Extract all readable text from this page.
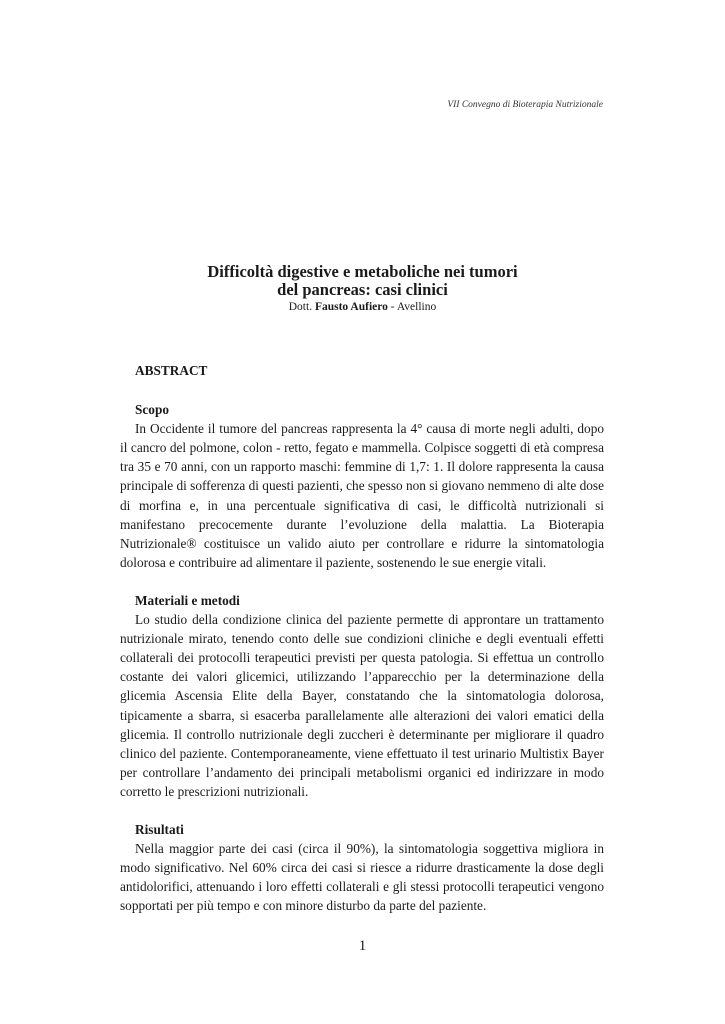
VII Convegno di Bioterapia Nutrizionale

Difficoltà digestive e metaboliche nei tumori

del pancreas: casi clinici

Dott. Fausto Aufiero - Avellino

ABSTRACT

Scopo

In Occidente il tumore del pancreas rappresenta la 4° causa di morte negli adulti, dopo il cancro del polmone, colon - retto, fegato e mammella. Colpisce soggetti di età compresa tra 35 e 70 anni, con un rapporto maschi: femmine di 1,7: 1. Il dolore rappresenta la causa principale di sofferenza di questi pazienti, che spesso non si giovano nemmeno di alte dose di morfina e, in una percentuale significativa di casi, le difficoltà nutrizionali si manifestano precocemente durante l’evoluzione della malattia. La Bioterapia Nutrizionale® costituisce un valido aiuto per controllare e ridurre la sintomatologia dolorosa e contribuire ad alimentare il paziente, sostenendo le sue energie vitali.

Materiali e metodi

Lo studio della condizione clinica del paziente permette di approntare un trattamento nutrizionale mirato, tenendo conto delle sue condizioni cliniche e degli eventuali effetti collaterali dei protocolli terapeutici previsti per questa patologia. Si effettua un controllo costante dei valori glicemici, utilizzando l’apparecchio per la determinazione della glicemia Ascensia Elite della Bayer, constatando che la sintomatologia dolorosa, tipicamente a sbarra, si esacerba parallelamente alle alterazioni dei valori ematici della glicemia. Il controllo nutrizionale degli zuccheri è determinante per migliorare il quadro clinico del paziente. Contemporaneamente, viene effettuato il test urinario Multistix Bayer per controllare l’andamento dei principali metabolismi organici ed indirizzare in modo corretto le prescrizioni nutrizionali.

Risultati

Nella maggior parte dei casi (circa il 90%), la sintomatologia soggettiva migliora in modo significativo. Nel 60% circa dei casi si riesce a ridurre drasticamente la dose degli antidolorifici, attenuando i loro effetti collaterali e gli stessi protocolli terapeutici vengono sopportati per più tempo e con minore disturbo da parte del paziente.

1
